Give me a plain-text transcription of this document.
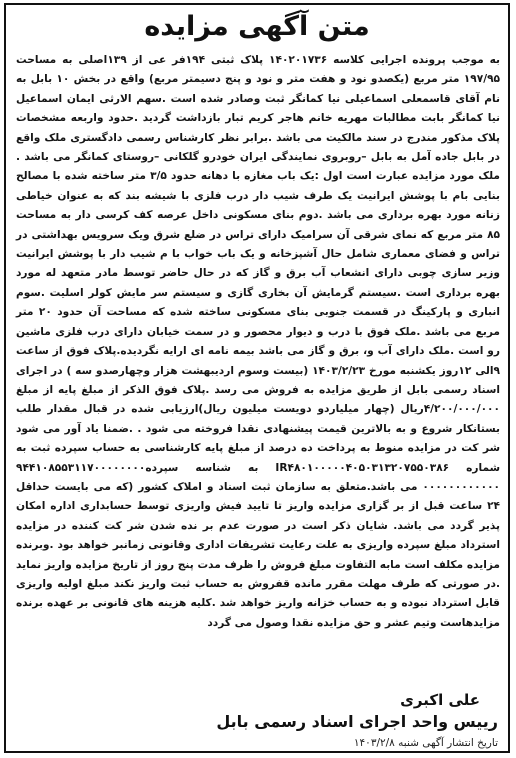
متن آگهی مزایده
به موجب پرونده اجرایی کلاسه ۱۴۰۲۰۱۷۳۶ پلاک ثبتی ۱۹۴فر عی از ۱۳۹اصلی به مساحت ۱۹۷/۹۵ متر مربع (یکصدو نود و هفت متر و نود و پنج دسیمتر مربع) واقع در بخش ۱۰ بابل به نام آقای قاسمعلی اسماعیلی نیا کمانگر ثبت وصادر شده است .سهم الارثی ایمان اسماعیل نیا کمانگر بابت مطالبات مهریه خانم هاجر کریم تبار بازداشت گردید .حدود واربعه مشخصات پلاک مذکور مندرج در سند مالکیت می باشد .برابر نظر کارشناس رسمی دادگستری ملک واقع در بابل جاده آمل به بابل –روبروی نمایندگی ایران خودرو گلکانی –روستای کمانگر می باشد . ملک مورد مزایده عبارت است اول :یک باب مغازه با دهانه حدود ۳/۵ متر ساخته شده با مصالح بنایی بام با پوشش ایرانیت یک طرف شیب دار درب فلزی با شیشه بند که به عنوان خیاطی زنانه مورد بهره برداری می باشد .دوم بنای مسکونی داخل عرصه کف کرسی دار به مساحت ۸۵ متر مربع که نمای شرقی آن سرامیک دارای تراس در ضلع شرق ویک سرویس بهداشتی در تراس و فضای معماری شامل حال آشپزخانه و یک باب خواب با م شیب دار با پوشش ایرانیت وزیر سازی چوبی دارای انشعاب آب برق و گاز که در حال حاضر توسط مادر متعهد له مورد بهره برداری است .سیستم گرمایش آن بخاری گازی و سیستم سر مایش کولر اسلیت .سوم انباری و پارکینگ در قسمت جنوبی بنای مسکونی ساخته شده که مساحت آن حدود ۲۰ متر مربع می باشد .ملک فوق با درب و دیوار محصور و در سمت خیابان دارای درب فلزی ماشین رو است .ملک دارای آب و، برق و گاز می باشد بیمه نامه ای ارایه نگردیده.پلاک فوق از ساعت ۹الی ۱۲روز یکشنبه مورخ ۱۴۰۳/۲/۲۳ (بیست وسوم اردیبهشت هزار وچهارصدو سه ) در اجرای اسناد رسمی بابل از طریق مزایده به فروش می رسد .پلاک فوق الذکر از مبلغ پایه از مبلغ ۴/۲۰۰/۰۰۰/۰۰۰ریال (چهار میلیاردو دویست میلیون ریال)ارزیابی شده در قبال مقدار طلب بستانکار شروع و به بالاترین قیمت پیشنهادی نقدا فروخته می شود . .ضمنا یاد آور می شود شر کت در مزایده منوط به پرداخت ده درصد از مبلغ پایه کارشناسی به حساب سپرده ثبت به شماره IR۴۸۰۱۰۰۰۰۰۴۰۵۰۳۱۳۲۰۷۵۵۰۳۸۶ به شناسه سپرده۹۴۴۱۰۸۵۵۳۱۱۷۰۰۰۰۰۰۰۰ ۰۰۰۰۰۰۰۰۰۰۰۰ می باشد.متعلق به سازمان ثبت اسناد و املاک کشور (که می بایست حداقل ۲۴ ساعت قبل از بر گزاری مزایده واریز تا تایید فیش واریزی توسط حسابداری اداره امکان پذیر گردد می باشد. شایان ذکر است در صورت عدم بر نده شدن شر کت کننده در مزایده استرداد مبلغ سپرده واریزی به علت رعایت تشریفات اداری وقانونی زمانبر خواهد بود .وبرنده مزایده مکلف است مابه التفاوت مبلغ فروش را ظرف مدت پنج روز از تاریخ مزایده واریز نماید .در صورتی که طرف مهلت مقرر مانده قفروش به حساب ثبت واریز نکند مبلغ اولیه واریزی قابل استرداد نبوده و به حساب خزانه واریز خواهد شد .کلیه هزینه های قانونی بر عهده برنده مزایدهاست وتیم عشر و حق مزایده نقدا وصول می گردد
علی اکبری
رییس واحد اجرای اسناد رسمی بابل
تاریخ انتشار آگهی شنبه ۱۴۰۳/۲/۸
